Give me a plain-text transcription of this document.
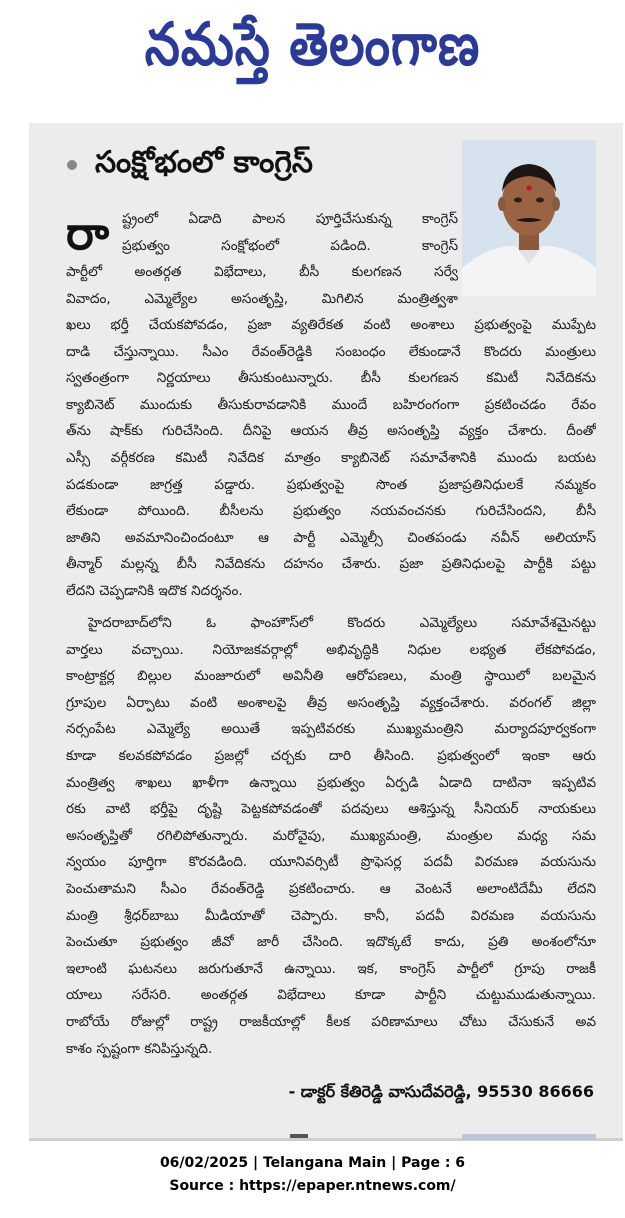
నమస్తే తెలంగాణ
సంక్షోభంలో కాంగ్రెస్
రా ష్ట్రంలో ఏడాది పాలన పూర్తిచేసుకున్న కాంగ్రెస్
ప్రభుత్వం సంక్షోభంలో పడింది. కాంగ్రెస్
పార్టీలో అంతర్గత విభేదాలు, బీసీ కులగణన సర్వే
వివాదం, ఎమ్మెల్యేల అసంతృప్తి, మిగిలిన మంత్రిత్వశా
ఖలు భర్తీ చేయకపోవడం, ప్రజా వ్యతిరేకత వంటి అంశాలు ప్రభుత్వంపై ముప్పేట
దాడి చేస్తున్నాయి. సీఎం రేవంత్‌రెడ్డికి సంబంధం లేకుండానే కొందరు మంత్రులు
స్వతంత్రంగా నిర్ణయాలు తీసుకుంటున్నారు. బీసీ కులగణన కమిటీ నివేదికను
క్యాబినెట్ ముందుకు తీసుకురావడానికి ముందే బహిరంగంగా ప్రకటించడం రేవం
త్‌ను షాక్‌కు గురిచేసింది. దీనిపై ఆయన తీవ్ర అసంతృప్తి వ్యక్తం చేశారు. దీంతో
ఎస్సీ వర్గీకరణ కమిటీ నివేదిక మాత్రం క్యాబినెట్ సమావేశానికి ముందు బయట
పడకుండా జాగ్రత్త పడ్డారు. ప్రభుత్వంపై సొంత ప్రజాప్రతినిధులకే నమ్మకం
లేకుండా పోయింది. బీసీలను ప్రభుత్వం నయవంచనకు గురిచేసిందని, బీసీ
జాతిని అవమానించిందంటూ ఆ పార్టీ ఎమ్మెల్సీ చింతపండు నవీన్ అలియాస్
తీన్మార్ మల్లన్న బీసీ నివేదికను దహనం చేశారు. ప్రజా ప్రతినిధులపై పార్టీకి పట్టు
లేదని చెప్పడానికి ఇదొక నిదర్శనం.
హైదరాబాద్‌లోని ఓ ఫాంహౌస్‌లో కొందరు ఎమ్మెల్యేలు సమావేశమైనట్టు
వార్తలు వచ్చాయి. నియోజకవర్గాల్లో అభివృద్ధికి నిధుల లభ్యత లేకపోవడం,
కాంట్రాక్టర్ల బిల్లుల మంజూరులో అవినీతి ఆరోపణలు, మంత్రి స్థాయిలో బలమైన
గ్రూపుల ఏర్పాటు వంటి అంశాలపై తీవ్ర అసంతృప్తి వ్యక్తంచేశారు. వరంగల్ జిల్లా
నర్సంపేట ఎమ్మెల్యే అయితే ఇప్పటివరకు ముఖ్యమంత్రిని మర్యాదపూర్వకంగా
కూడా కలవకపోవడం ప్రజల్లో చర్చకు దారి తీసింది. ప్రభుత్వంలో ఇంకా ఆరు
మంత్రిత్వ శాఖలు ఖాళీగా ఉన్నాయి ప్రభుత్వం ఏర్పడి ఏడాది దాటినా ఇప్పటివ
రకు వాటి భర్తీపై దృష్టి పెట్టకపోవడంతో పదవులు ఆశిస్తున్న సీనియర్ నాయకులు
అసంతృప్తితో రగిలిపోతున్నారు. మరోవైపు, ముఖ్యమంత్రి, మంత్రుల మధ్య సమ
న్వయం పూర్తిగా కొరవడింది. యూనివర్సిటీ ప్రొఫెసర్ల పదవీ విరమణ వయసును
పెంచుతామని సీఎం రేవంత్‌రెడ్డి ప్రకటించారు. ఆ వెంటనే అలాంటిదేమీ లేదని
మంత్రి శ్రీధర్‌బాబు మీడియాతో చెప్పారు. కానీ, పదవీ విరమణ వయసును
పెంచుతూ ప్రభుత్వం జీవో జారీ చేసింది. ఇదొక్కటే కాదు, ప్రతి అంశంలోనూ
ఇలాంటి ఘటనలు జరుగుతూనే ఉన్నాయి. ఇక, కాంగ్రెస్ పార్టీలో గ్రూపు రాజకీ
యాలు సరేసరి. అంతర్గత విభేదాలు కూడా పార్టీని చుట్టుముడుతున్నాయి.
రాబోయే రోజుల్లో రాష్ట్ర రాజకీయాల్లో కీలక పరిణామాలు చోటు చేసుకునే అవ
కాశం స్పష్టంగా కనిపిస్తున్నది.
- డాక్టర్ కేతిరెడ్డి వాసుదేవరెడ్డి, 95530 86666
06/02/2025 | Telangana Main | Page : 6
Source : https://epaper.ntnews.com/
